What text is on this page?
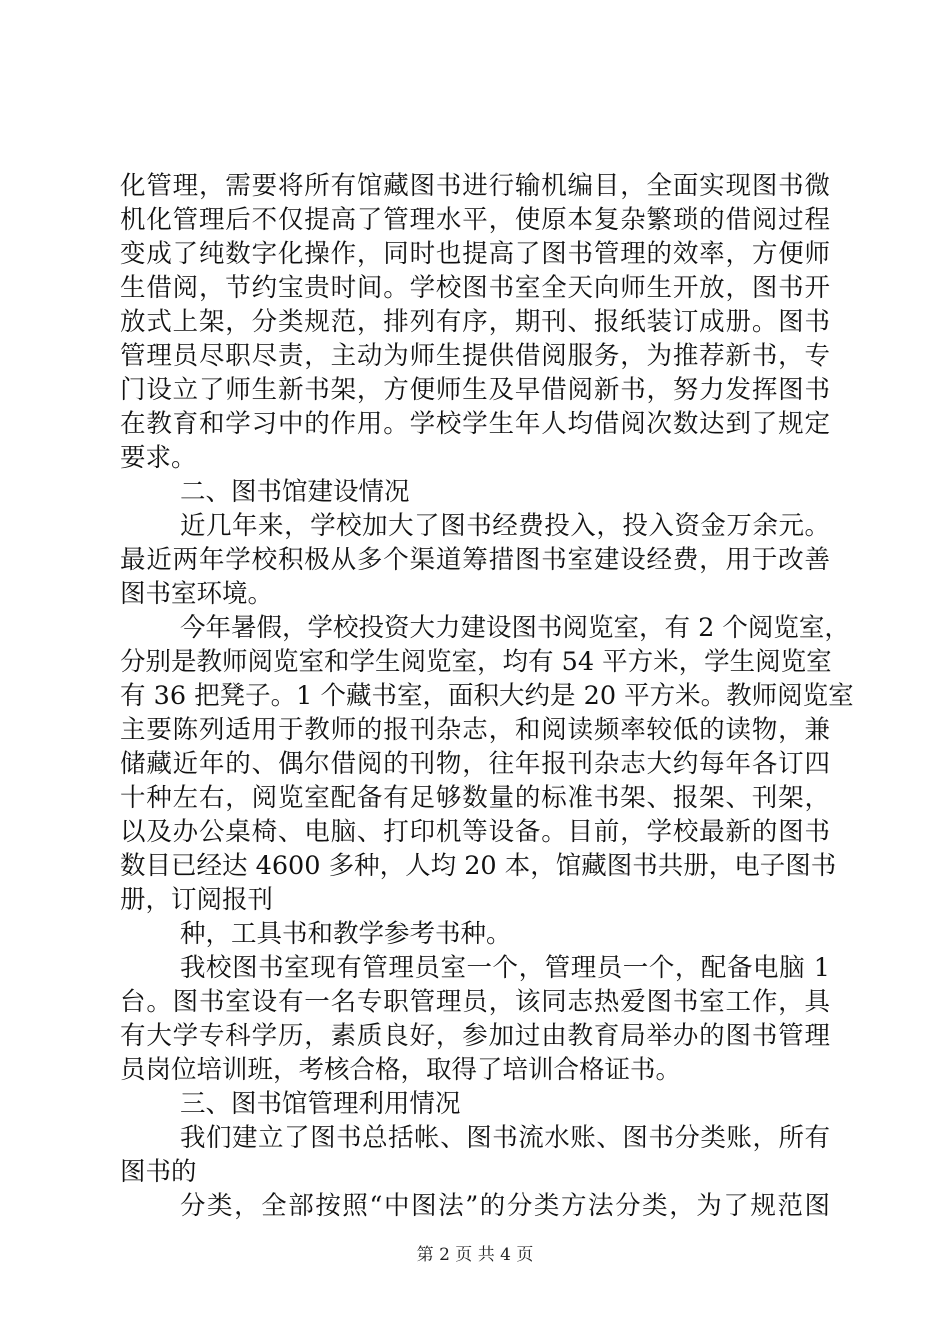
化管理，需要将所有馆藏图书进行输机编目，全面实现图书微
机化管理后不仅提高了管理水平，使原本复杂繁琐的借阅过程
变成了纯数字化操作，同时也提高了图书管理的效率，方便师
生借阅，节约宝贵时间。学校图书室全天向师生开放，图书开
放式上架，分类规范，排列有序，期刊、报纸装订成册。图书
管理员尽职尽责，主动为师生提供借阅服务，为推荐新书，专
门设立了师生新书架，方便师生及早借阅新书，努力发挥图书
在教育和学习中的作用。学校学生年人均借阅次数达到了规定
要求。
二、图书馆建设情况
近几年来，学校加大了图书经费投入，投入资金万余元。
最近两年学校积极从多个渠道筹措图书室建设经费，用于改善
图书室环境。
今年暑假，学校投资大力建设图书阅览室，有 2 个阅览室，
分别是教师阅览室和学生阅览室，均有 54 平方米，学生阅览室
有 36 把凳子。1 个藏书室，面积大约是 20 平方米。教师阅览室
主要陈列适用于教师的报刊杂志，和阅读频率较低的读物，兼
储藏近年的、偶尔借阅的刊物，往年报刊杂志大约每年各订四
十种左右，阅览室配备有足够数量的标准书架、报架、刊架，
以及办公桌椅、电脑、打印机等设备。目前，学校最新的图书
数目已经达 4600 多种，人均 20 本，馆藏图书共册，电子图书
册，订阅报刊
种，工具书和教学参考书种。
我校图书室现有管理员室一个，管理员一个，配备电脑 1
台。图书室设有一名专职管理员，该同志热爱图书室工作，具
有大学专科学历，素质良好，参加过由教育局举办的图书管理
员岗位培训班，考核合格，取得了培训合格证书。
三、图书馆管理利用情况
我们建立了图书总括帐、图书流水账、图书分类账，所有
图书的
分类，全部按照“中图法”的分类方法分类，为了规范图
第 2 页 共 4 页
